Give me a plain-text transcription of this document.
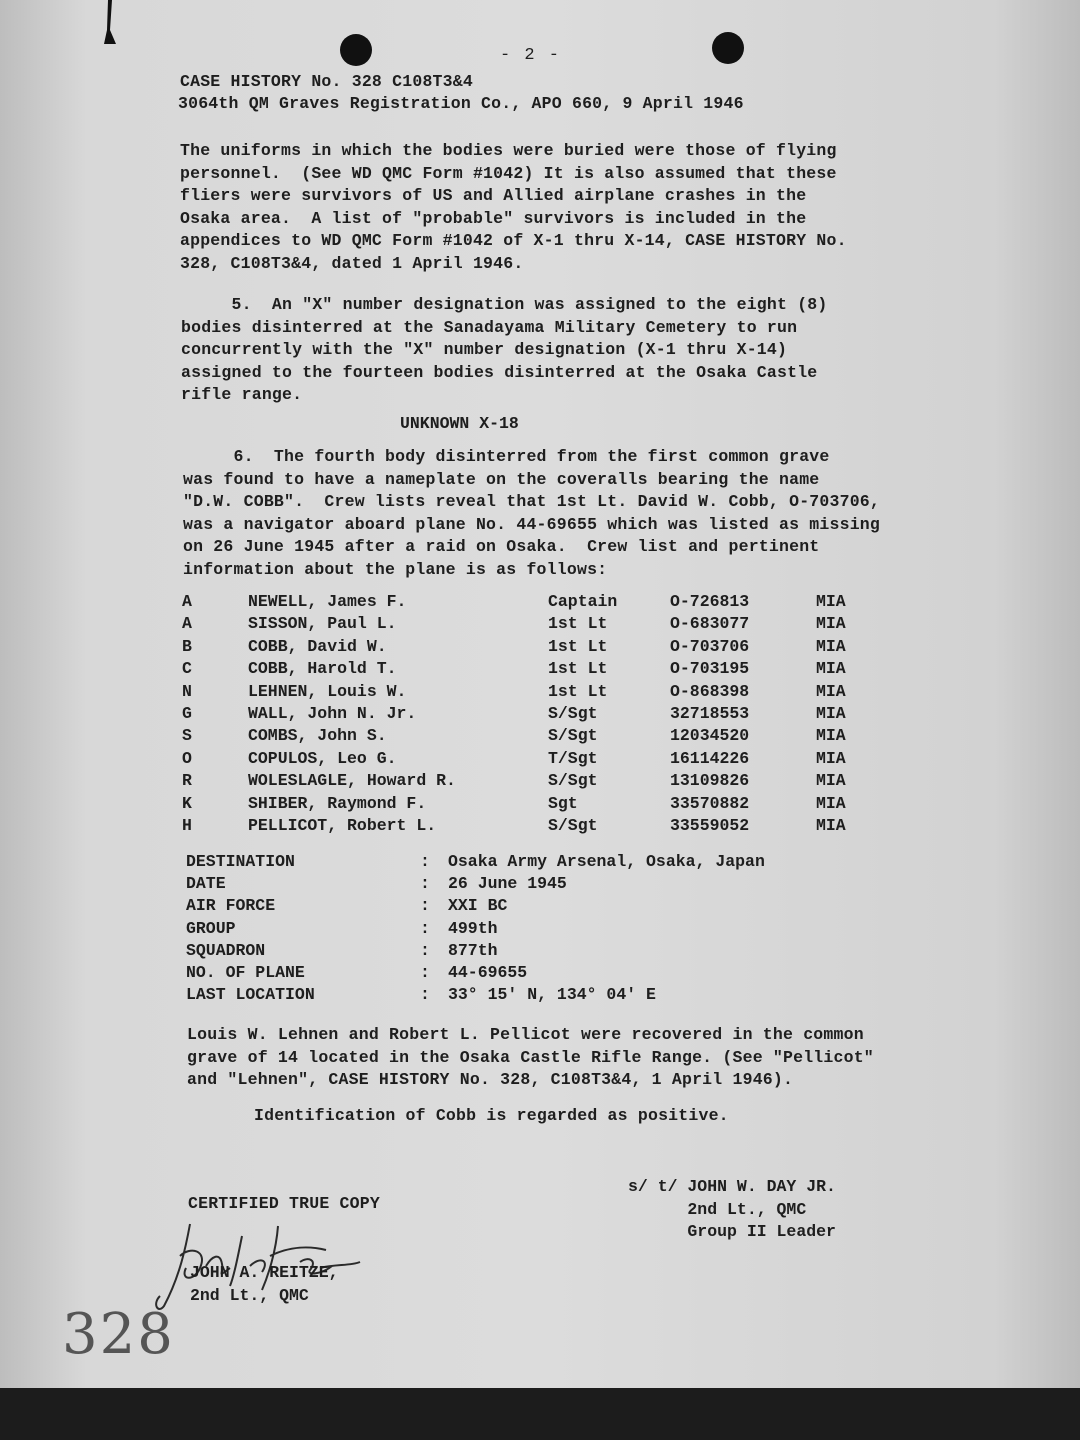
- 2 -
CASE HISTORY No. 328 C108T3&4
3064th QM Graves Registration Co., APO 660, 9 April 1946
The uniforms in which the bodies were buried were those of flying
personnel.  (See WD QMC Form #1042) It is also assumed that these
fliers were survivors of US and Allied airplane crashes in the
Osaka area.  A list of "probable" survivors is included in the
appendices to WD QMC Form #1042 of X-1 thru X-14, CASE HISTORY No.
328, C108T3&4, dated 1 April 1946.
5.  An "X" number designation was assigned to the eight (8)
bodies disinterred at the Sanadayama Military Cemetery to run
concurrently with the "X" number designation (X-1 thru X-14)
assigned to the fourteen bodies disinterred at the Osaka Castle
rifle range.
UNKNOWN X-18
6.  The fourth body disinterred from the first common grave
was found to have a nameplate on the coveralls bearing the name
"D.W. COBB".  Crew lists reveal that 1st Lt. David W. Cobb, O-703706,
was a navigator aboard plane No. 44-69655 which was listed as missing
on 26 June 1945 after a raid on Osaka.  Crew list and pertinent
information about the plane is as follows:
A	NEWELL, James F.	Captain	O-726813	MIA
A	SISSON, Paul L.	1st Lt	O-683077	MIA
B	COBB, David W.	1st Lt	O-703706	MIA
C	COBB, Harold T.	1st Lt	O-703195	MIA
N	LEHNEN, Louis W.	1st Lt	O-868398	MIA
G	WALL, John N. Jr.	S/Sgt	32718553	MIA
S	COMBS, John S.	S/Sgt	12034520	MIA
O	COPULOS, Leo G.	T/Sgt	16114226	MIA
R	WOLESLAGLE, Howard R.	S/Sgt	13109826	MIA
K	SHIBER, Raymond F.	Sgt	33570882	MIA
H	PELLICOT, Robert L.	S/Sgt	33559052	MIA
DESTINATION	: Osaka Army Arsenal, Osaka, Japan
DATE	: 26 June 1945
AIR FORCE	: XXI BC
GROUP	: 499th
SQUADRON	: 877th
NO. OF PLANE	: 44-69655
LAST LOCATION	: 33° 15' N, 134° 04' E
Louis W. Lehnen and Robert L. Pellicot were recovered in the common
grave of 14 located in the Osaka Castle Rifle Range. (See "Pellicot"
and "Lehnen", CASE HISTORY No. 328, C108T3&4, 1 April 1946).
Identification of Cobb is regarded as positive.
s/ t/ JOHN W. DAY JR.
2nd Lt., QMC
Group II Leader
CERTIFIED TRUE COPY
JOHN A. REITZE,
2nd Lt., QMC
328
